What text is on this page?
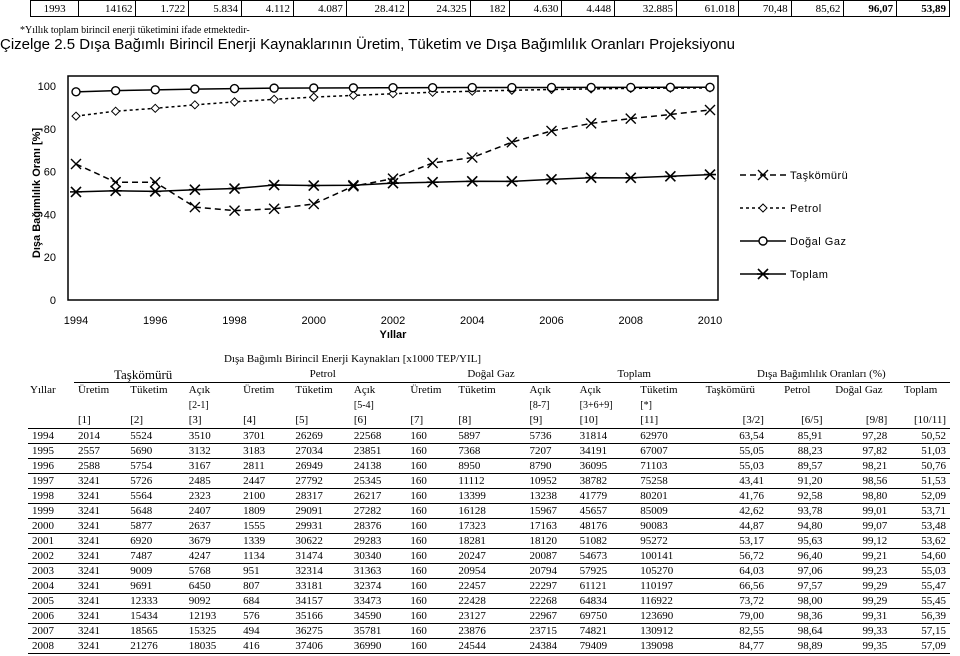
1993	14162	1.722	5.834	4.112	4.087	28.412	24.325	182	4.630	4.448	32.885	61.018	70,48	85,62	96,07	53,89
*Yıllık toplam birincil enerji tüketimini ifade etmektedir-
Çizelge 2.5 Dışa Bağımlı Birincil Enerji Kaynaklarının Üretim, Tüketim ve Dışa Bağımlılık Oranları Projeksiyonu
0
20
40
60
80
100
1994	1996	1998	2000	2002	2004	2006	2008	2010
Yıllar
Dışa Bağımlılık Oranı [%]	Taşkömürü
Petrol
Doğal Gaz
Toplam
	Dışa Bağımlı Birincil Enerji Kaynakları [x1000 TEP/YIL]														
	Taşkömürü			Petrol			Doğal Gaz			Toplam		Dışa Bağımlılık Oranları (%)			
Yıllar	Üretim	Tüketim	Açık	Üretim	Tüketim	Açık	Üretim	Tüketim	Açık	Açık	Tüketim	Taşkömürü	Petrol	Doğal Gaz	Toplam
			[2-1]			[5-4]			[8-7]	[3+6+9]	[*]				
	[1]	[2]	[3]	[4]	[5]	[6]	[7]	[8]	[9]	[10]	[11]	[3/2]	[6/5]	[9/8]	[10/11]
1994	2014	5524	3510	3701	26269	22568	160	5897	5736	31814	62970	63,54	85,91	97,28	50,52
1995	2557	5690	3132	3183	27034	23851	160	7368	7207	34191	67007	55,05	88,23	97,82	51,03
1996	2588	5754	3167	2811	26949	24138	160	8950	8790	36095	71103	55,03	89,57	98,21	50,76
1997	3241	5726	2485	2447	27792	25345	160	11112	10952	38782	75258	43,41	91,20	98,56	51,53
1998	3241	5564	2323	2100	28317	26217	160	13399	13238	41779	80201	41,76	92,58	98,80	52,09
1999	3241	5648	2407	1809	29091	27282	160	16128	15967	45657	85009	42,62	93,78	99,01	53,71
2000	3241	5877	2637	1555	29931	28376	160	17323	17163	48176	90083	44,87	94,80	99,07	53,48
2001	3241	6920	3679	1339	30622	29283	160	18281	18120	51082	95272	53,17	95,63	99,12	53,62
2002	3241	7487	4247	1134	31474	30340	160	20247	20087	54673	100141	56,72	96,40	99,21	54,60
2003	3241	9009	5768	951	32314	31363	160	20954	20794	57925	105270	64,03	97,06	99,23	55,03
2004	3241	9691	6450	807	33181	32374	160	22457	22297	61121	110197	66,56	97,57	99,29	55,47
2005	3241	12333	9092	684	34157	33473	160	22428	22268	64834	116922	73,72	98,00	99,29	55,45
2006	3241	15434	12193	576	35166	34590	160	23127	22967	69750	123690	79,00	98,36	99,31	56,39
2007	3241	18565	15325	494	36275	35781	160	23876	23715	74821	130912	82,55	98,64	99,33	57,15
2008	3241	21276	18035	416	37406	36990	160	24544	24384	79409	139098	84,77	98,89	99,35	57,09
